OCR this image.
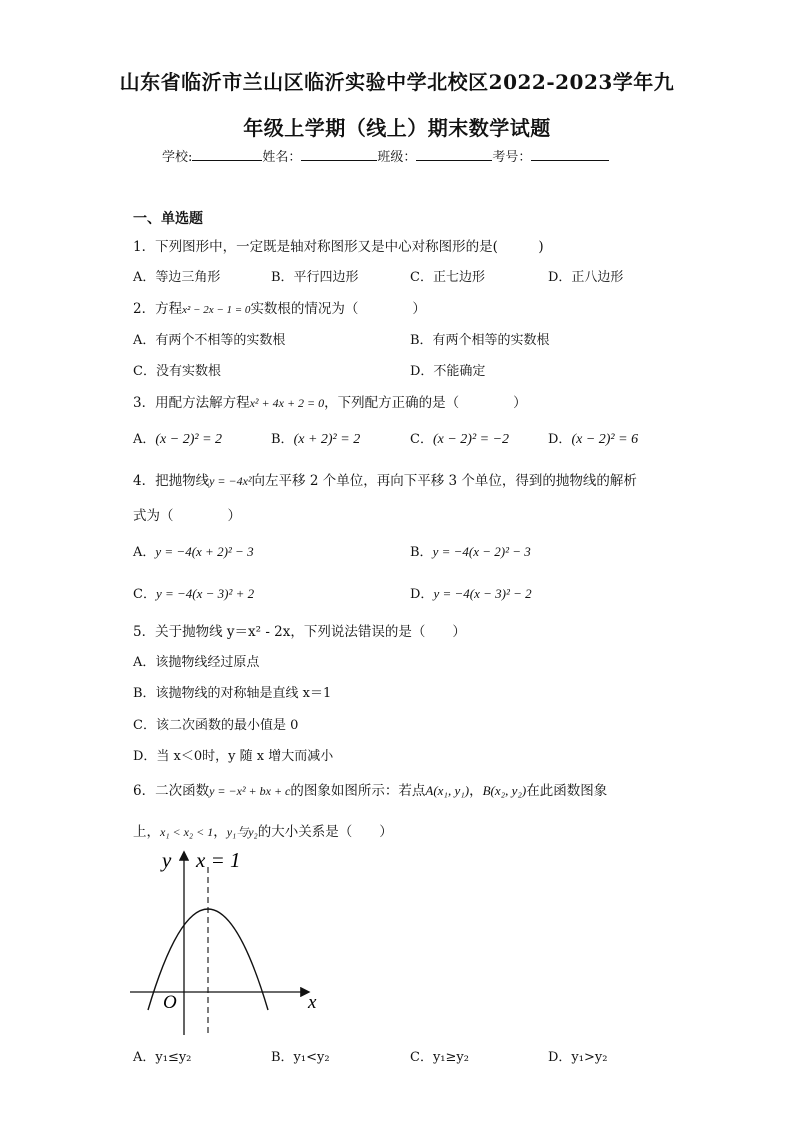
山东省临沂市兰山区临沂实验中学北校区2022-2023学年九
年级上学期（线上）期末数学试题
学校:	姓名：	班级：	考号：
一、单选题
1．下列图形中，一定既是轴对称图形又是中心对称图形的是(　　　)
A．等边三角形	B．平行四边形	C．正七边形	D．正八边形
2．方程x² − 2x − 1 = 0实数根的情况为（　　　　）
A．有两个不相等的实数根	B．有两个相等的实数根
C．没有实数根	D．不能确定
3．用配方法解方程x² + 4x + 2 = 0，下列配方正确的是（　　　　）
A．(x − 2)² = 2	B．(x + 2)² = 2	C．(x − 2)² = −2	D．(x − 2)² = 6
4．把抛物线y = −4x²向左平移 2 个单位，再向下平移 3 个单位，得到的抛物线的解析
式为（　　　　）
A．y = −4(x + 2)² − 3	B．y = −4(x − 2)² − 3
C．y = −4(x − 3)² + 2	D．y = −4(x − 3)² − 2
5．关于抛物线 y＝x² - 2x，下列说法错误的是（　　）
A．该抛物线经过原点
B．该抛物线的对称轴是直线 x＝1
C．该二次函数的最小值是 0
D．当 x＜0时，y 随 x 增大而减小
6．二次函数y = −x² + bx + c的图象如图所示：若点A(x₁, y₁)，B(x₂, y₂)在此函数图象
上，x₁ < x₂ < 1，y₁与y₂的大小关系是（　　）
y x = 1
O	x
A．y₁≤y₂	B．y₁<y₂	C．y₁≥y₂	D．y₁>y₂
